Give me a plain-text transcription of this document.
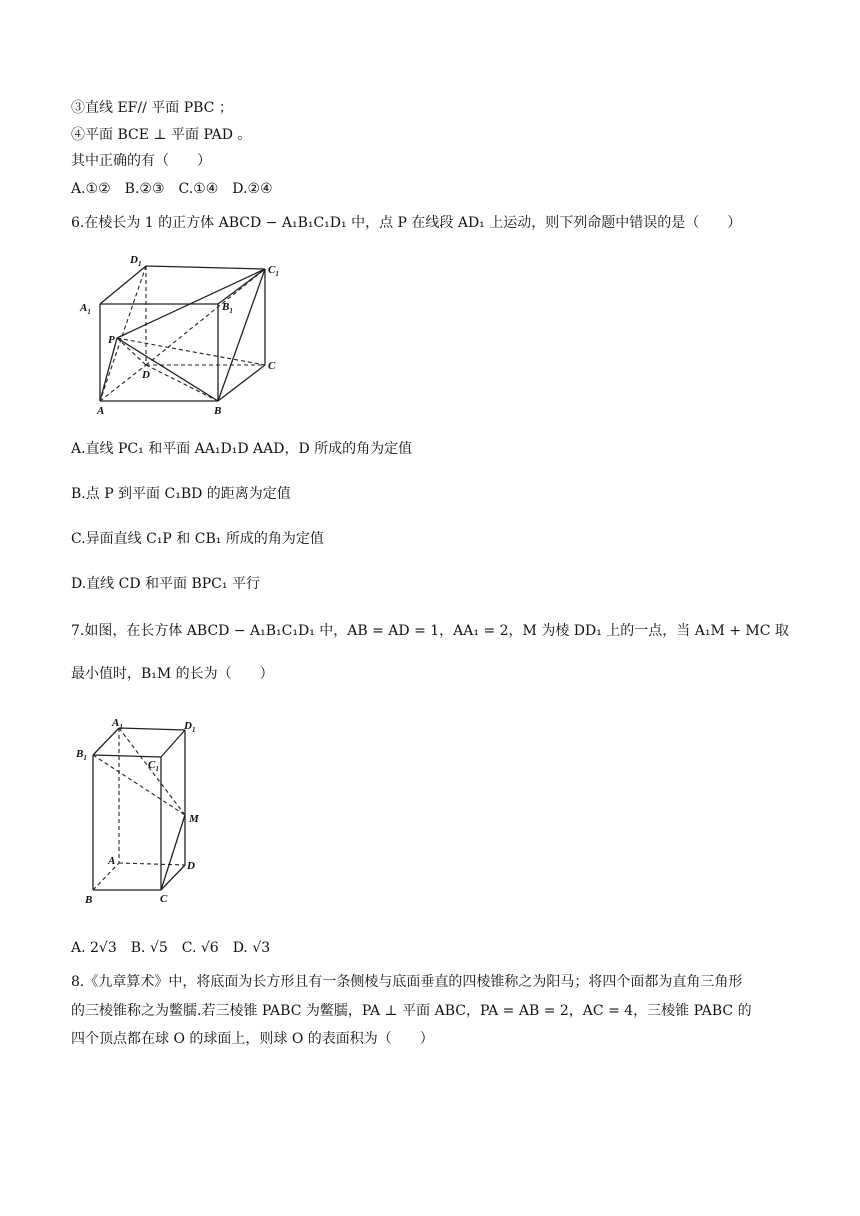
③直线 EF// 平面 PBC ；
④平面 BCE ⊥ 平面 PAD 。
其中正确的有（　　）
A.①②　B.②③　C.①④　D.②④
6.在棱长为 1 的正方体 ABCD − A₁B₁C₁D₁ 中，点 P 在线段 AD₁ 上运动，则下列命题中错误的是（　　）
$D_1$	$C_1$
$A_1$	$B_1$
P
D
C
A	B
A.直线 PC₁ 和平面 AA₁D₁D AAD，D 所成的角为定值
B.点 P 到平面 C₁BD 的距离为定值
C.异面直线 C₁P 和 CB₁ 所成的角为定值
D.直线 CD 和平面 BPC₁ 平行
7.如图，在长方体 ABCD − A₁B₁C₁D₁ 中，AB = AD = 1，AA₁ = 2，M 为棱 DD₁ 上的一点，当 A₁M + MC 取
最小值时，B₁M 的长为（　　）
$A_1$	$D_1$
$B_1$
$C_1$
M
A	D
B	C
A. 2√3　B. √5　C. √6　D. √3
8.《九章算术》中，将底面为长方形且有一条侧棱与底面垂直的四棱锥称之为阳马；将四个面都为直角三角形
的三棱锥称之为鳖臑.若三棱锥 PABC 为鳖臑，PA ⊥ 平面 ABC，PA = AB = 2，AC = 4，三棱锥 PABC 的
四个顶点都在球 O 的球面上，则球 O 的表面积为（　　）
